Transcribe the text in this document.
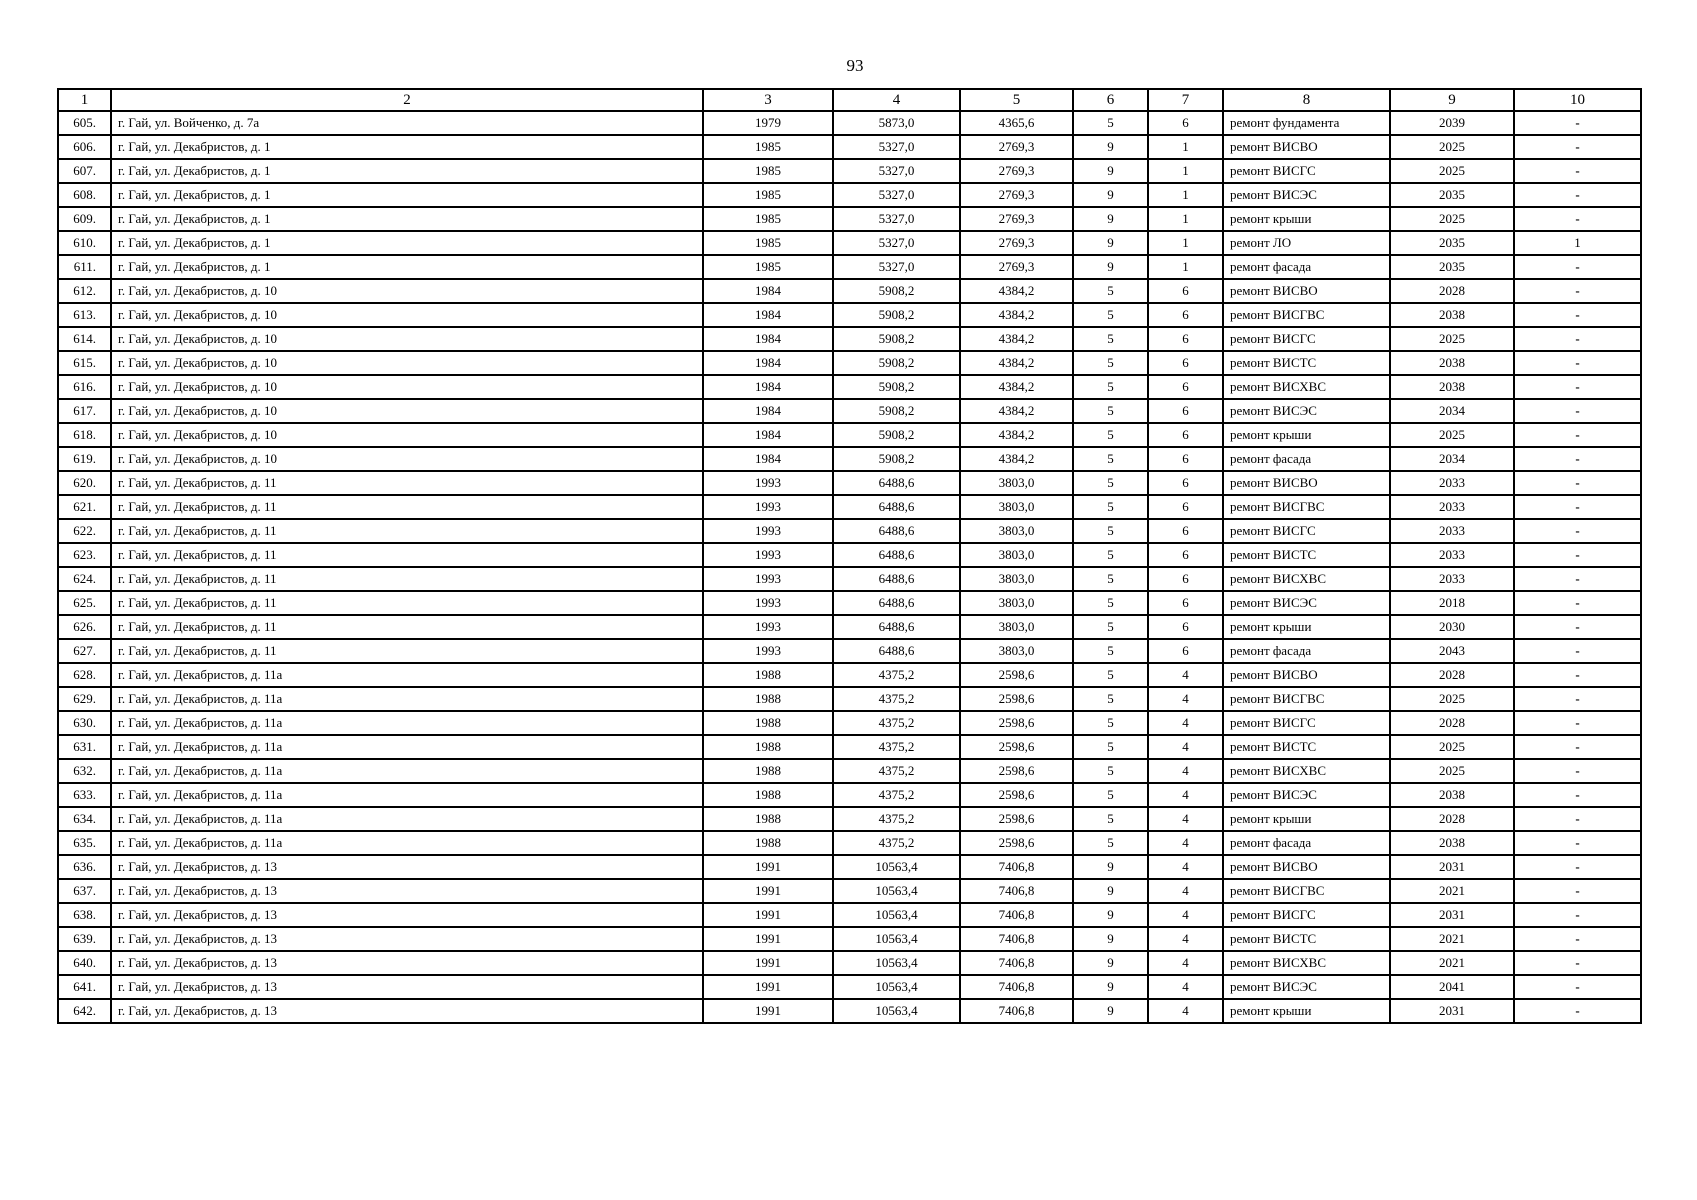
93
1	2	3	4	5	6	7	8	9	10
605.	г. Гай, ул. Войченко, д. 7а	1979	5873,0	4365,6	5	6	ремонт фундамента	2039	-
606.	г. Гай, ул. Декабристов, д. 1	1985	5327,0	2769,3	9	1	ремонт ВИСВО	2025	-
607.	г. Гай, ул. Декабристов, д. 1	1985	5327,0	2769,3	9	1	ремонт ВИСГС	2025	-
608.	г. Гай, ул. Декабристов, д. 1	1985	5327,0	2769,3	9	1	ремонт ВИСЭС	2035	-
609.	г. Гай, ул. Декабристов, д. 1	1985	5327,0	2769,3	9	1	ремонт крыши	2025	-
610.	г. Гай, ул. Декабристов, д. 1	1985	5327,0	2769,3	9	1	ремонт ЛО	2035	1
611.	г. Гай, ул. Декабристов, д. 1	1985	5327,0	2769,3	9	1	ремонт фасада	2035	-
612.	г. Гай, ул. Декабристов, д. 10	1984	5908,2	4384,2	5	6	ремонт ВИСВО	2028	-
613.	г. Гай, ул. Декабристов, д. 10	1984	5908,2	4384,2	5	6	ремонт ВИСГВС	2038	-
614.	г. Гай, ул. Декабристов, д. 10	1984	5908,2	4384,2	5	6	ремонт ВИСГС	2025	-
615.	г. Гай, ул. Декабристов, д. 10	1984	5908,2	4384,2	5	6	ремонт ВИСТС	2038	-
616.	г. Гай, ул. Декабристов, д. 10	1984	5908,2	4384,2	5	6	ремонт ВИСХВС	2038	-
617.	г. Гай, ул. Декабристов, д. 10	1984	5908,2	4384,2	5	6	ремонт ВИСЭС	2034	-
618.	г. Гай, ул. Декабристов, д. 10	1984	5908,2	4384,2	5	6	ремонт крыши	2025	-
619.	г. Гай, ул. Декабристов, д. 10	1984	5908,2	4384,2	5	6	ремонт фасада	2034	-
620.	г. Гай, ул. Декабристов, д. 11	1993	6488,6	3803,0	5	6	ремонт ВИСВО	2033	-
621.	г. Гай, ул. Декабристов, д. 11	1993	6488,6	3803,0	5	6	ремонт ВИСГВС	2033	-
622.	г. Гай, ул. Декабристов, д. 11	1993	6488,6	3803,0	5	6	ремонт ВИСГС	2033	-
623.	г. Гай, ул. Декабристов, д. 11	1993	6488,6	3803,0	5	6	ремонт ВИСТС	2033	-
624.	г. Гай, ул. Декабристов, д. 11	1993	6488,6	3803,0	5	6	ремонт ВИСХВС	2033	-
625.	г. Гай, ул. Декабристов, д. 11	1993	6488,6	3803,0	5	6	ремонт ВИСЭС	2018	-
626.	г. Гай, ул. Декабристов, д. 11	1993	6488,6	3803,0	5	6	ремонт крыши	2030	-
627.	г. Гай, ул. Декабристов, д. 11	1993	6488,6	3803,0	5	6	ремонт фасада	2043	-
628.	г. Гай, ул. Декабристов, д. 11а	1988	4375,2	2598,6	5	4	ремонт ВИСВО	2028	-
629.	г. Гай, ул. Декабристов, д. 11а	1988	4375,2	2598,6	5	4	ремонт ВИСГВС	2025	-
630.	г. Гай, ул. Декабристов, д. 11а	1988	4375,2	2598,6	5	4	ремонт ВИСГС	2028	-
631.	г. Гай, ул. Декабристов, д. 11а	1988	4375,2	2598,6	5	4	ремонт ВИСТС	2025	-
632.	г. Гай, ул. Декабристов, д. 11а	1988	4375,2	2598,6	5	4	ремонт ВИСХВС	2025	-
633.	г. Гай, ул. Декабристов, д. 11а	1988	4375,2	2598,6	5	4	ремонт ВИСЭС	2038	-
634.	г. Гай, ул. Декабристов, д. 11а	1988	4375,2	2598,6	5	4	ремонт крыши	2028	-
635.	г. Гай, ул. Декабристов, д. 11а	1988	4375,2	2598,6	5	4	ремонт фасада	2038	-
636.	г. Гай, ул. Декабристов, д. 13	1991	10563,4	7406,8	9	4	ремонт ВИСВО	2031	-
637.	г. Гай, ул. Декабристов, д. 13	1991	10563,4	7406,8	9	4	ремонт ВИСГВС	2021	-
638.	г. Гай, ул. Декабристов, д. 13	1991	10563,4	7406,8	9	4	ремонт ВИСГС	2031	-
639.	г. Гай, ул. Декабристов, д. 13	1991	10563,4	7406,8	9	4	ремонт ВИСТС	2021	-
640.	г. Гай, ул. Декабристов, д. 13	1991	10563,4	7406,8	9	4	ремонт ВИСХВС	2021	-
641.	г. Гай, ул. Декабристов, д. 13	1991	10563,4	7406,8	9	4	ремонт ВИСЭС	2041	-
642.	г. Гай, ул. Декабристов, д. 13	1991	10563,4	7406,8	9	4	ремонт крыши	2031	-
